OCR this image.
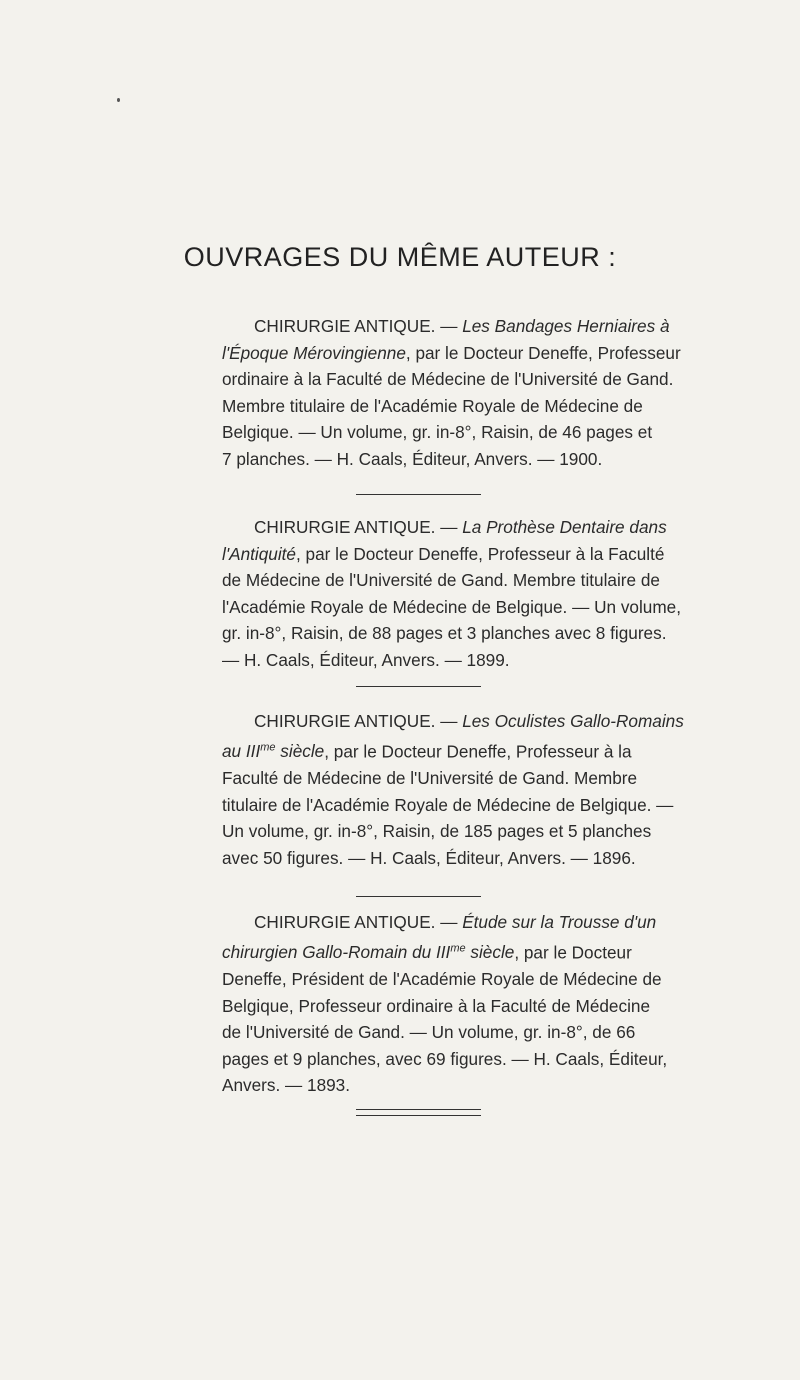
OUVRAGES DU MÊME AUTEUR :
CHIRURGIE ANTIQUE. — Les Bandages Herniaires à
l'Époque Mérovingienne, par le Docteur Deneffe, Professeur
ordinaire à la Faculté de Médecine de l'Université de Gand.
Membre titulaire de l'Académie Royale de Médecine de
Belgique. — Un volume, gr. in-8°, Raisin, de 46 pages et
7 planches. — H. Caals, Éditeur, Anvers. — 1900.
CHIRURGIE ANTIQUE. — La Prothèse Dentaire dans
l'Antiquité, par le Docteur Deneffe, Professeur à la Faculté
de Médecine de l'Université de Gand. Membre titulaire de
l'Académie Royale de Médecine de Belgique. — Un volume,
gr. in-8°, Raisin, de 88 pages et 3 planches avec 8 figures.
— H. Caals, Éditeur, Anvers. — 1899.
CHIRURGIE ANTIQUE. — Les Oculistes Gallo-Romains
au $III^{me}$ siècle, par le Docteur Deneffe, Professeur à la
Faculté de Médecine de l'Université de Gand. Membre
titulaire de l'Académie Royale de Médecine de Belgique. —
Un volume, gr. in-8°, Raisin, de 185 pages et 5 planches
avec 50 figures. — H. Caals, Éditeur, Anvers. — 1896.
CHIRURGIE ANTIQUE. — Étude sur la Trousse d'un
chirurgien Gallo-Romain du $III^{me}$ siècle, par le Docteur
Deneffe, Président de l'Académie Royale de Médecine de
Belgique, Professeur ordinaire à la Faculté de Médecine
de l'Université de Gand. — Un volume, gr. in-8°, de 66
pages et 9 planches, avec 69 figures. — H. Caals, Éditeur,
Anvers. — 1893.
